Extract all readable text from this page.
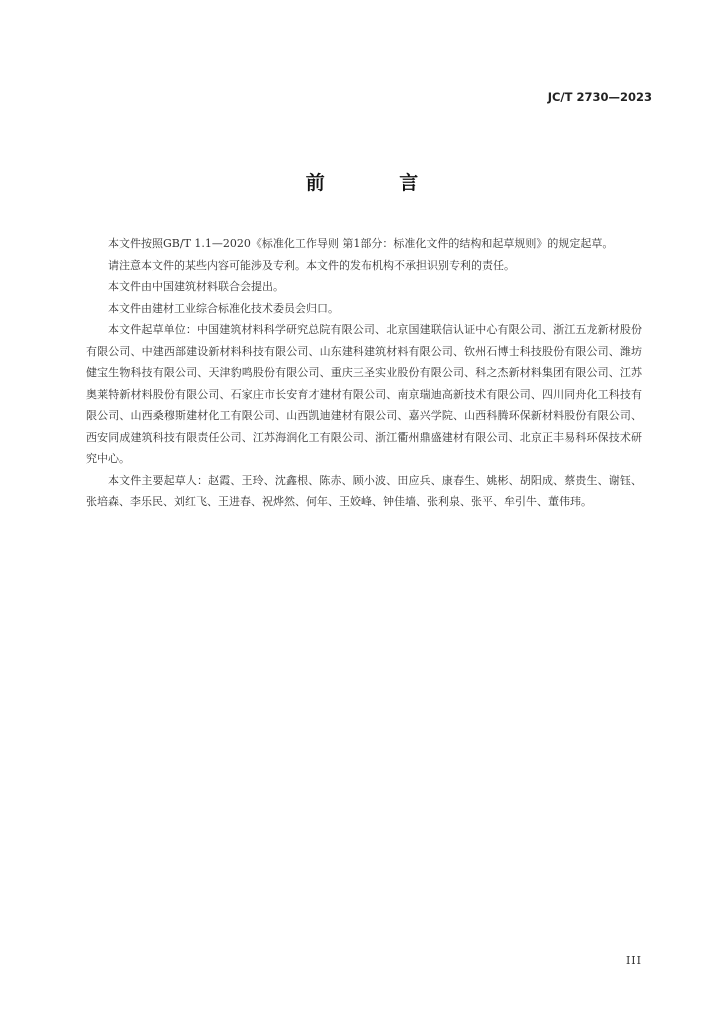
JC/T 2730—2023
前 言

本文件按照GB/T 1.1—2020《标准化工作导则 第1部分：标准化文件的结构和起草规则》的规定起草。

请注意本文件的某些内容可能涉及专利。本文件的发布机构不承担识别专利的责任。

本文件由中国建筑材料联合会提出。

本文件由建材工业综合标准化技术委员会归口。

本文件起草单位：中国建筑材料科学研究总院有限公司、北京国建联信认证中心有限公司、浙江五龙新材股份有限公司、中建西部建设新材料科技有限公司、山东建科建筑材料有限公司、钦州石博士科技股份有限公司、潍坊健宝生物科技有限公司、天津豹鸣股份有限公司、重庆三圣实业股份有限公司、科之杰新材料集团有限公司、江苏奥莱特新材料股份有限公司、石家庄市长安育才建材有限公司、南京瑞迪高新技术有限公司、四川同舟化工科技有限公司、山西桑穆斯建材化工有限公司、山西凯迪建材有限公司、嘉兴学院、山西科腾环保新材料股份有限公司、西安同成建筑科技有限责任公司、江苏海润化工有限公司、浙江衢州鼎盛建材有限公司、北京正丰易科环保技术研究中心。

本文件主要起草人：赵霞、王玲、沈鑫根、陈赤、顾小波、田应兵、康春生、姚彬、胡阳成、蔡贵生、谢钰、张培森、李乐民、刘红飞、王进春、祝烨然、何年、王姣峰、钟佳墙、张利泉、张平、牟引牛、董伟玮。

III
